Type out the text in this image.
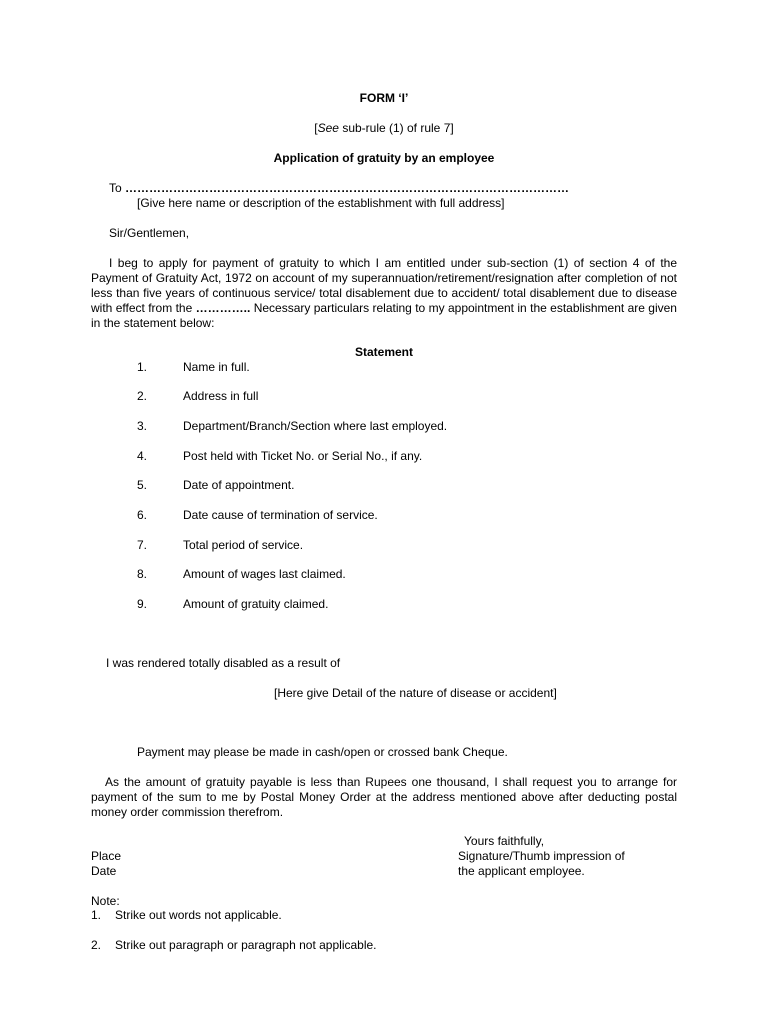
FORM ‘I’
[See sub-rule (1) of rule 7]
Application of gratuity by an employee
To …………………………………………………………………………………………………
[Give here name or description of the establishment with full address]
Sir/Gentlemen,
I beg to apply for payment of gratuity to which I am entitled under sub-section (1) of section 4 of the Payment of Gratuity Act, 1972 on account of my superannuation/retirement/resignation after completion of not less than five years of continuous service/ total disablement due to accident/ total disablement due to disease with effect from the ………….. Necessary particulars relating to my appointment in the establishment are given in the statement below:
Statement
1.	Name in full.
2.	Address in full
3.	Department/Branch/Section where last employed.
4.	Post held with Ticket No. or Serial No., if any.
5.	Date of appointment.
6.	Date cause of termination of service.
7.	Total period of service.
8.	Amount of wages last claimed.
9.	Amount of gratuity claimed.
I was rendered totally disabled as a result of
[Here give Detail of the nature of disease or accident]
Payment may please be made in cash/open or crossed bank Cheque.
As the amount of gratuity payable is less than Rupees one thousand, I shall request you to arrange for payment of the sum to me by Postal Money Order at the address mentioned above after deducting postal money order commission therefrom.
Yours faithfully,
Place	Signature/Thumb impression of
Date	the applicant employee.
Note:
1. Strike out words not applicable.
2. Strike out paragraph or paragraph not applicable.
